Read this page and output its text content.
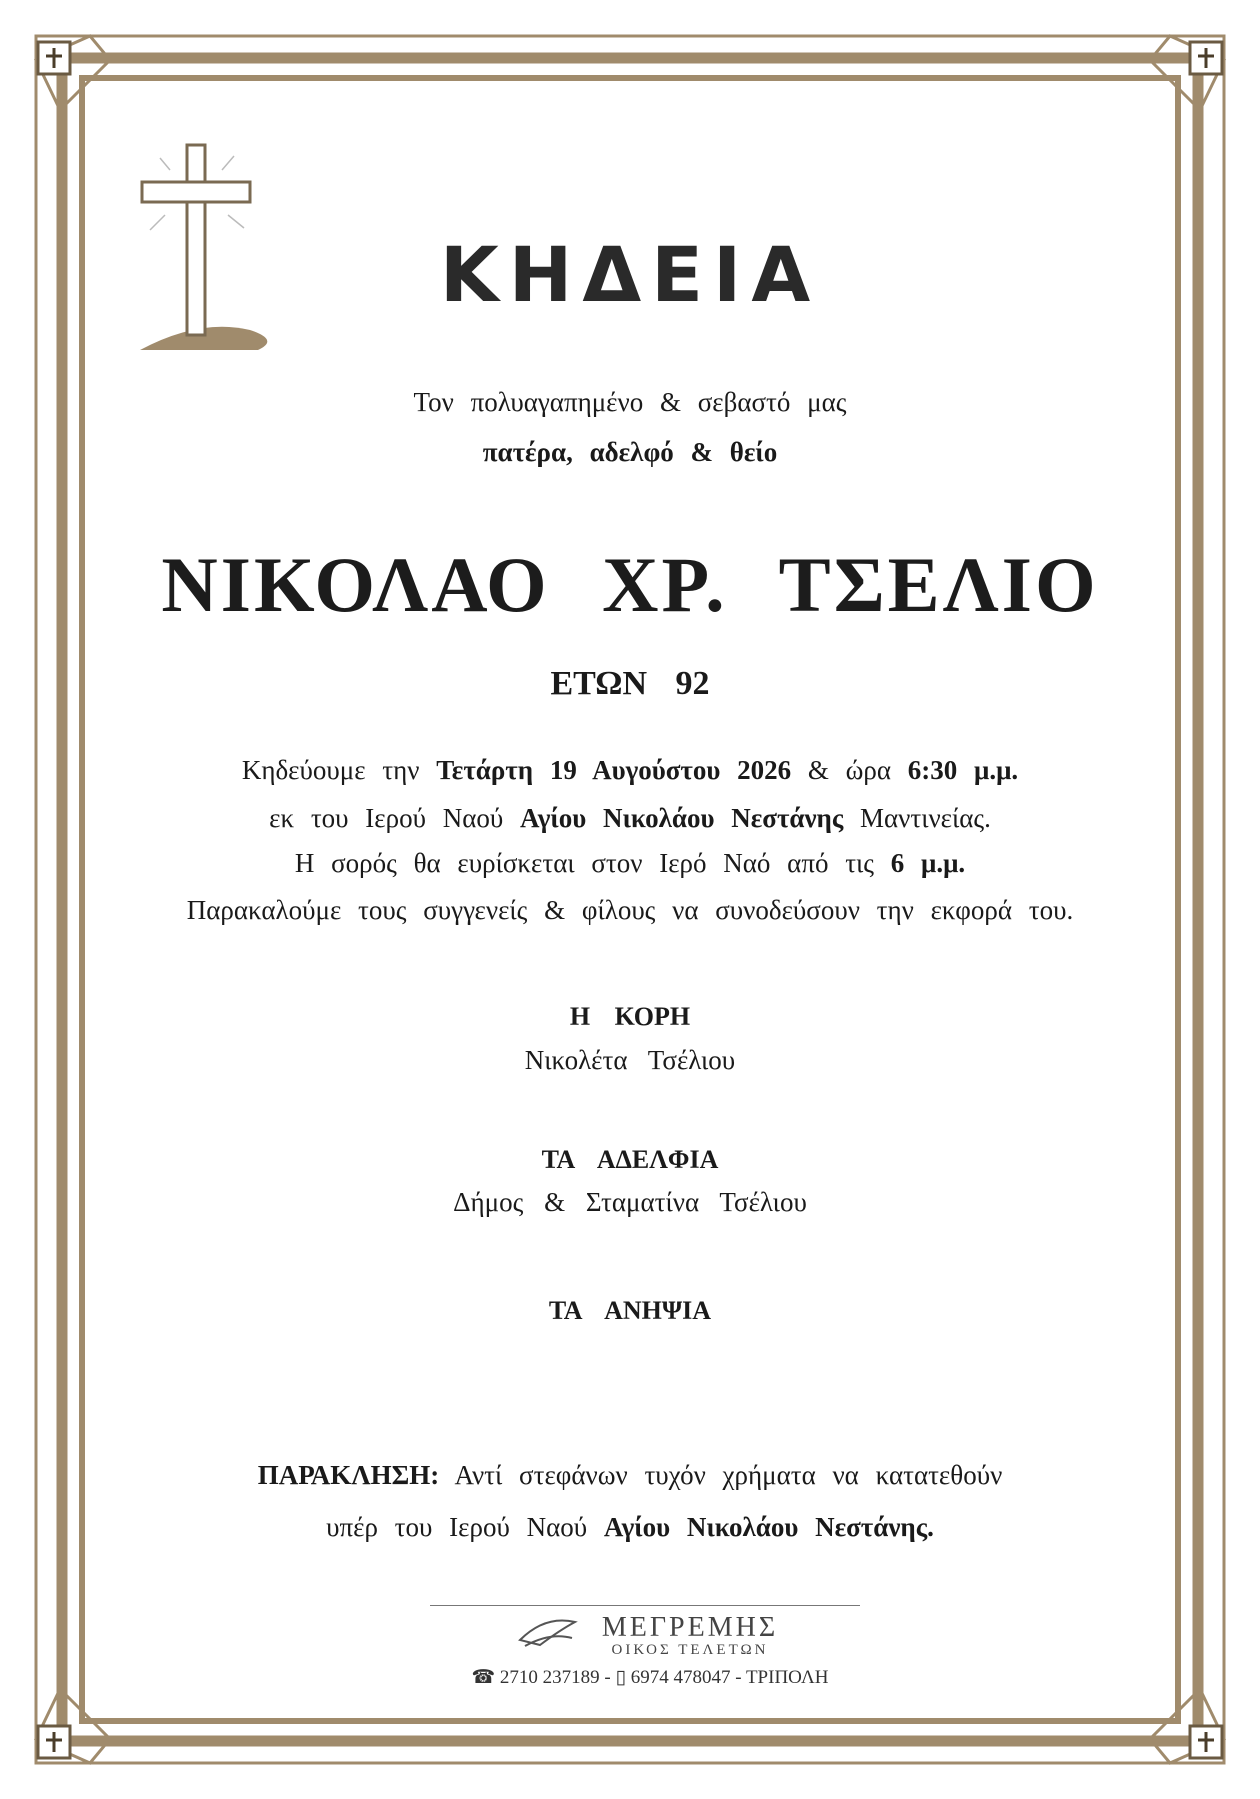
ΚΗΔΕΙΑ
Τον πολυαγαπημένο & σεβαστό μας
πατέρα, αδελφό & θείο
ΝΙΚΟΛΑΟ ΧΡ. ΤΣΕΛΙΟ
ΕΤΩΝ 92
Κηδεύουμε την Τετάρτη 19 Αυγούστου 2026 & ώρα 6:30 μ.μ.
εκ του Ιερού Ναού Αγίου Νικολάου Νεστάνης Μαντινείας.
Η σορός θα ευρίσκεται στον Ιερό Ναό από τις 6 μ.μ.
Παρακαλούμε τους συγγενείς & φίλους να συνοδεύσουν την εκφορά του.
Η ΚΟΡΗ
Νικολέτα Τσέλιου
ΤΑ ΑΔΕΛΦΙΑ
Δήμος & Σταματίνα Τσέλιου
ΤΑ ΑΝΗΨΙΑ
ΠΑΡΑΚΛΗΣΗ: Αντί στεφάνων τυχόν χρήματα να κατατεθούν
υπέρ του Ιερού Ναού Αγίου Νικολάου Νεστάνης.
ΜΕΓΡΕΜΗΣ
ΟΙΚΟΣ ΤΕΛΕΤΩΝ
☎ 2710 237189 - ▯ 6974 478047 - ΤΡΙΠΟΛΗ
